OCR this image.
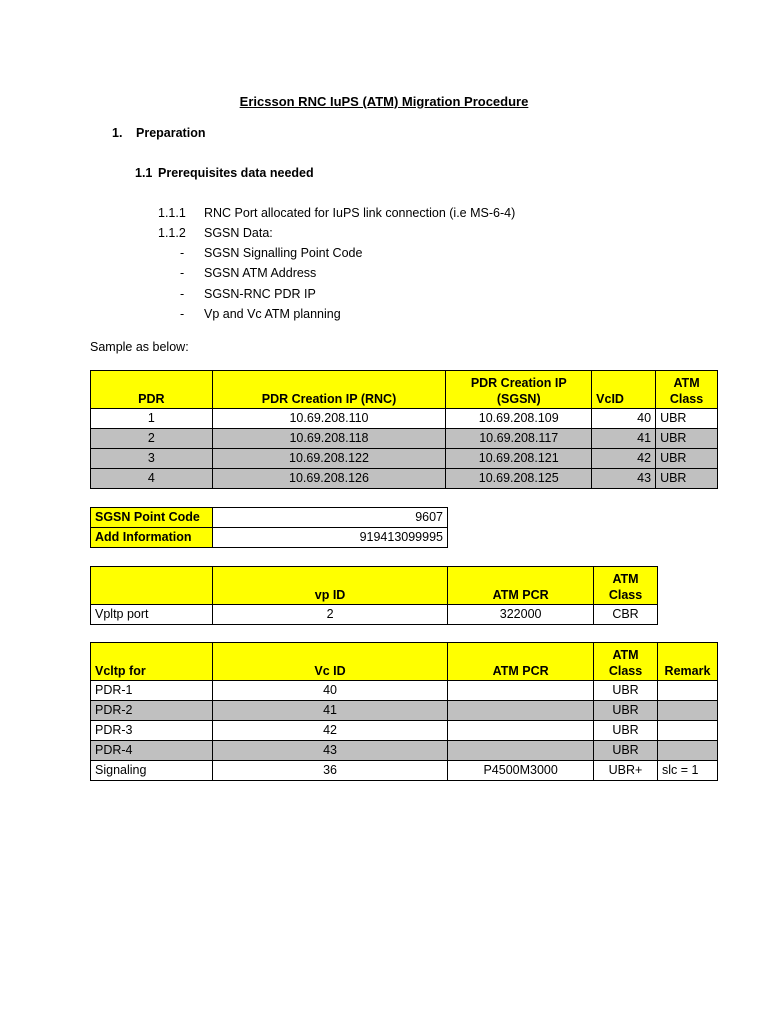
Ericsson RNC IuPS (ATM) Migration Procedure
1. Preparation
1.1 Prerequisites data needed
1.1.1 RNC Port allocated for IuPS link connection (i.e MS-6-4)
1.1.2 SGSN Data:
- SGSN Signalling Point Code
- SGSN ATM Address
- SGSN-RNC PDR IP
- Vp and Vc ATM planning
Sample as below:
PDR	PDR Creation IP (RNC)	PDR Creation IP
(SGSN)	VcID	ATM
Class
1	10.69.208.110	10.69.208.109	40	UBR
2	10.69.208.118	10.69.208.117	41	UBR
3	10.69.208.122	10.69.208.121	42	UBR
4	10.69.208.126	10.69.208.125	43	UBR
SGSN Point Code	9607
Add Information	919413099995
	vp ID	ATM PCR	ATM
Class
Vpltp port	2	322000	CBR
Vcltp for	Vc ID	ATM PCR	ATM
Class	Remark
PDR-1	40		UBR	
PDR-2	41		UBR	
PDR-3	42		UBR	
PDR-4	43		UBR	
Signaling	36	P4500M3000	UBR+	slc = 1
